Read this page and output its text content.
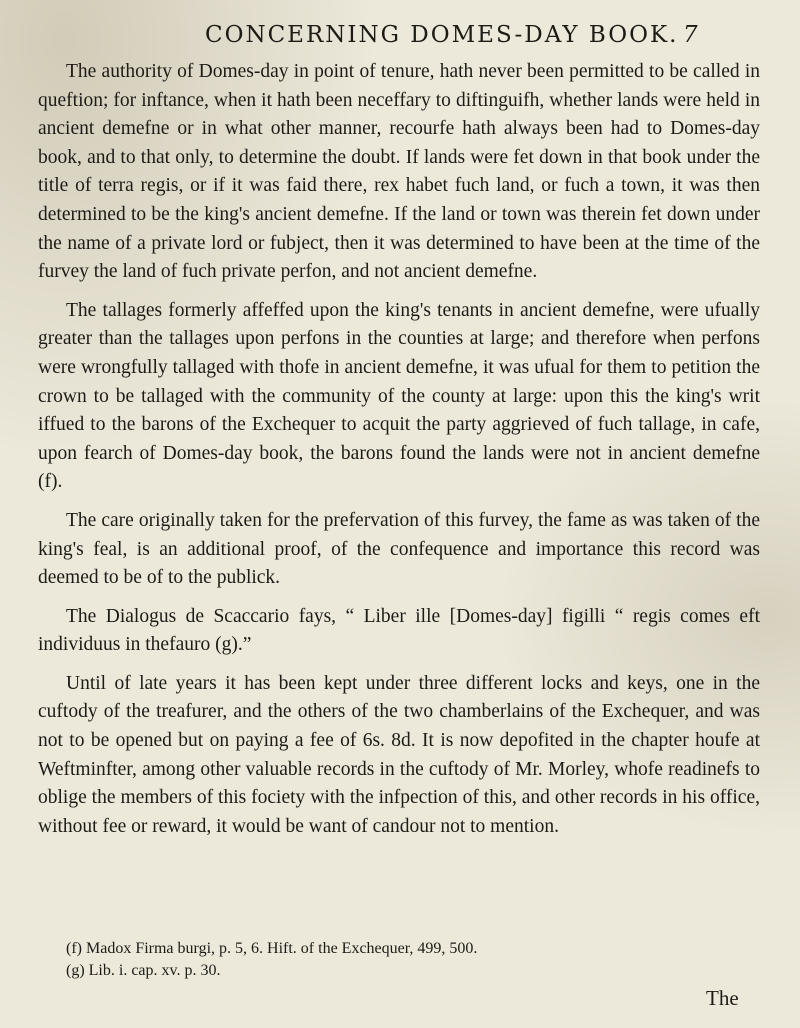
CONCERNING DOMES-DAY BOOK. 7

The authority of Domes-day in point of tenure, hath never been permitted to be called in queftion; for inftance, when it hath been neceffary to diftinguifh, whether lands were held in ancient demefne or in what other manner, recourfe hath always been had to Domes-day book, and to that only, to determine the doubt. If lands were fet down in that book under the title of terra regis, or if it was faid there, rex habet fuch land, or fuch a town, it was then determined to be the king's ancient demefne. If the land or town was therein fet down under the name of a private lord or fubject, then it was determined to have been at the time of the furvey the land of fuch private perfon, and not ancient demefne.

The tallages formerly affeffed upon the king's tenants in ancient demefne, were ufually greater than the tallages upon perfons in the counties at large; and therefore when perfons were wrongfully tallaged with thofe in ancient demefne, it was ufual for them to petition the crown to be tallaged with the community of the county at large: upon this the king's writ iffued to the barons of the Exchequer to acquit the party aggrieved of fuch tallage, in cafe, upon fearch of Domes-day book, the barons found the lands were not in ancient demefne (f).

The care originally taken for the prefervation of this furvey, the fame as was taken of the king's feal, is an additional proof, of the confequence and importance this record was deemed to be of to the publick.

The Dialogus de Scaccario fays, “ Liber ille [Domes-day] figilli “ regis comes eft individuus in thefauro (g).”

Until of late years it has been kept under three different locks and keys, one in the cuftody of the treafurer, and the others of the two chamberlains of the Exchequer, and was not to be opened but on paying a fee of 6s. 8d. It is now depofited in the chapter houfe at Weftminfter, among other valuable records in the cuftody of Mr. Morley, whofe readinefs to oblige the members of this fociety with the infpection of this, and other records in his office, without fee or reward, it would be want of candour not to mention.

(f) Madox Firma burgi, p. 5, 6. Hift. of the Exchequer, 499, 500.
(g) Lib. i. cap. xv. p. 30.
The
